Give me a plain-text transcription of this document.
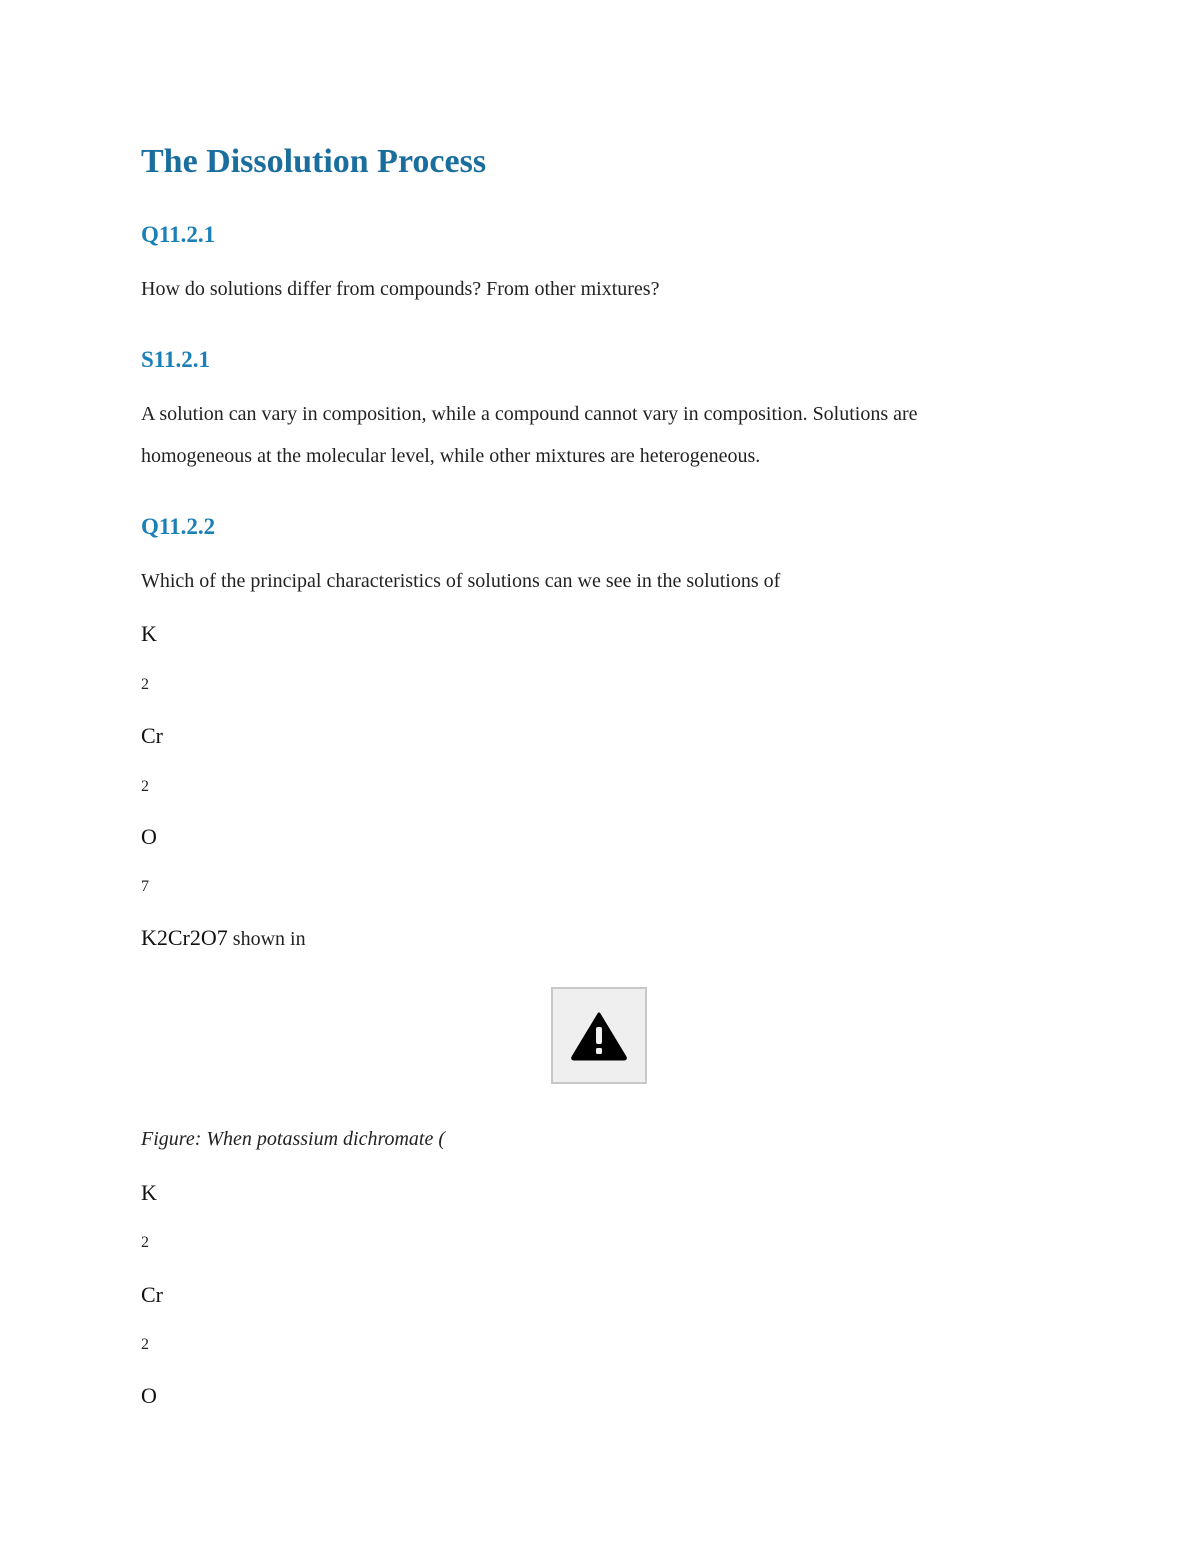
The Dissolution Process
Q11.2.1
How do solutions differ from compounds? From other mixtures?
S11.2.1
A solution can vary in composition, while a compound cannot vary in composition. Solutions are
homogeneous at the molecular level, while other mixtures are heterogeneous.
Q11.2.2
Which of the principal characteristics of solutions can we see in the solutions of
K
2
Cr
2
O
7
K2Cr2O7 shown in
Figure: When potassium dichromate (
K
2
Cr
2
O
